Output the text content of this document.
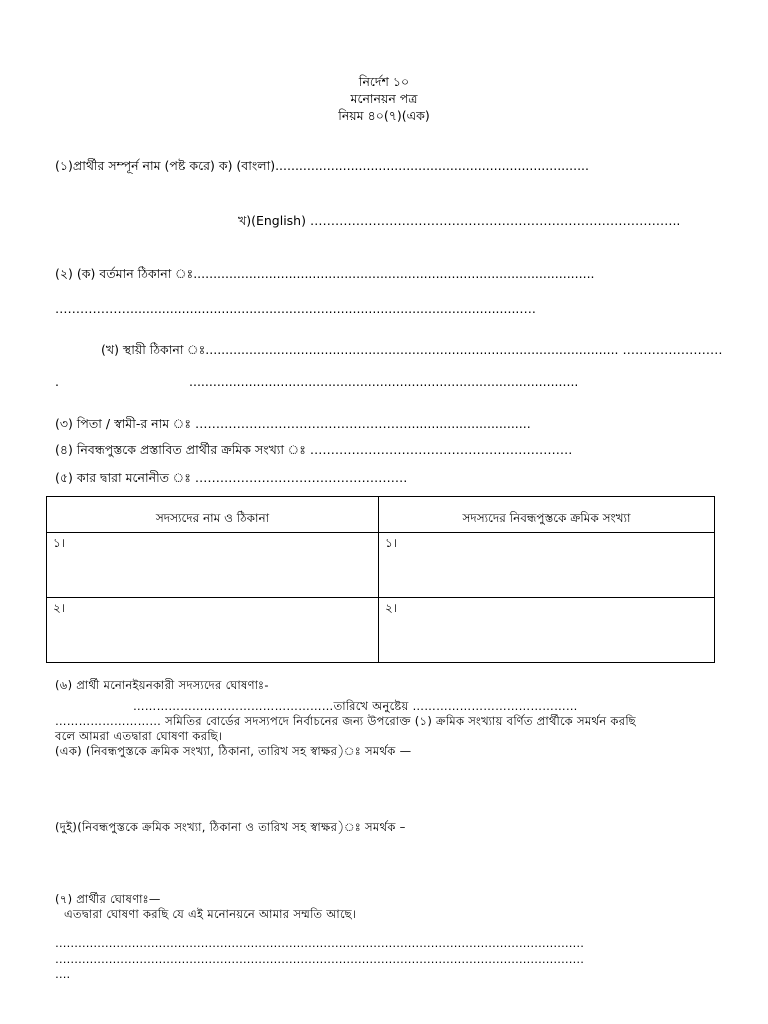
নির্দেশ ১০
মনোনয়ন পত্র
নিয়ম ৪০(৭)(এক)
(১)প্রার্থীর সম্পূর্ন নাম (পষ্ট করে) ক) (বাংলা)...............................................................................
খ)(English) ……………………………………………………………………………..
(২) (ক) বর্তমান ঠিকানা ঃ.....................................................................................................
………………..................................................................................................….
(খ) স্থায়ী ঠিকানা ঃ........................................................................................................ ……………………
.	..................................................................................................
(৩) পিতা / স্বামী-র নাম ঃ ……………………………………………...............................
(৪) নিবন্ধপুস্তকে প্রস্তাবিত প্রার্থীর ক্রমিক সংখ্যা ঃ ………………………………………………………
(৫) কার দ্বারা মনোনীত ঃ ……………………………………………
সদস্যদের নাম ও ঠিকানা	সদস্যদের নিবন্ধপুস্তকে ক্রমিক সংখ্যা
১।	১।
২।	২।
(৬) প্রার্থী মনোনইয়নকারী সদস্যদের ঘোষণাঃ-
……………………………………………তারিখে অনুষ্টেয় ……………………………………
……………………… সমিতির বোর্ডের সদস্যপদে নির্বাচনের জন্য উপরোক্ত (১) ক্রমিক সংখ্যায় বর্ণিত প্রার্থীকে সমর্থন করছি
বলে আমরা এতদ্বারা ঘোষণা করছি।
(এক) (নিবন্ধপুস্তকে ক্রমিক সংখ্যা, ঠিকানা, তারিখ সহ স্বাক্ষর)ঃ সমর্থক —
(দুই)(নিবন্ধপুস্তকে ক্রমিক সংখ্যা, ঠিকানা ও তারিখ সহ স্বাক্ষর)ঃ সমর্থক –
(৭) প্রার্থীর ঘোষণাঃ—
এতদ্বারা ঘোষণা করছি যে এই মনোনয়নে আমার সম্মতি আছে।
…………………………………………………………………………………………………………………………
…………………………………………………………………………………………………………………………
….
